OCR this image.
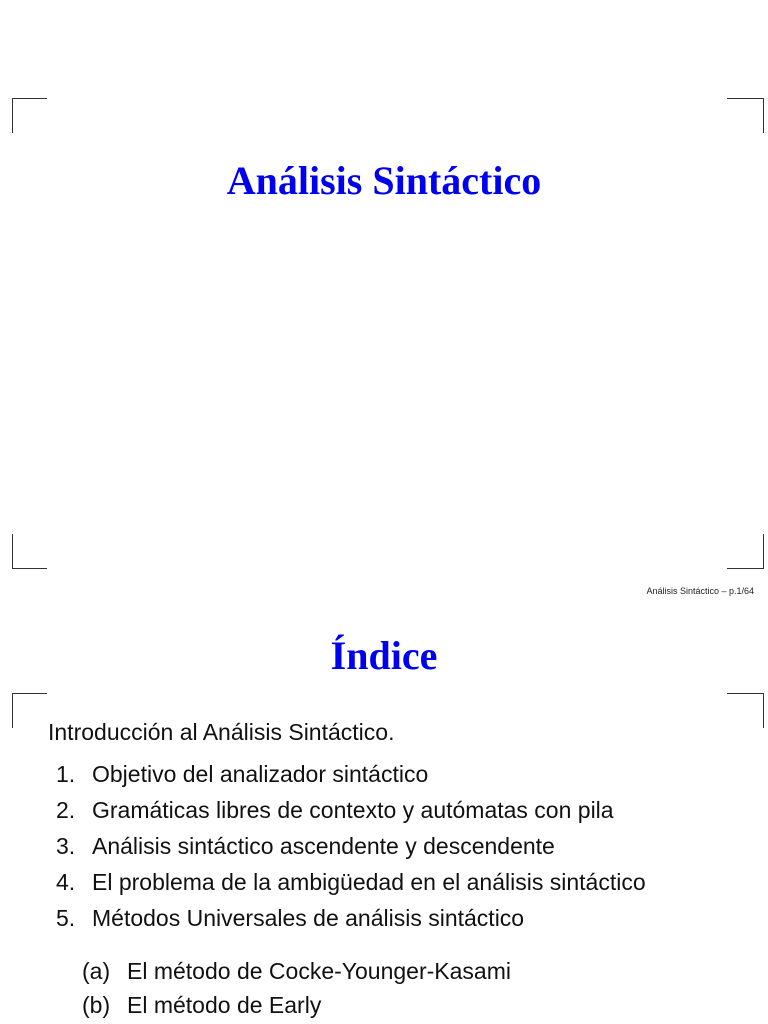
Análisis Sintáctico
Análisis Sintáctico – p.1/64
Índice
Introducción al Análisis Sintáctico.
1. Objetivo del analizador sintáctico
2. Gramáticas libres de contexto y autómatas con pila
3. Análisis sintáctico ascendente y descendente
4. El problema de la ambigüedad en el análisis sintáctico
5. Métodos Universales de análisis sintáctico
(a) El método de Cocke-Younger-Kasami
(b) El método de Early
